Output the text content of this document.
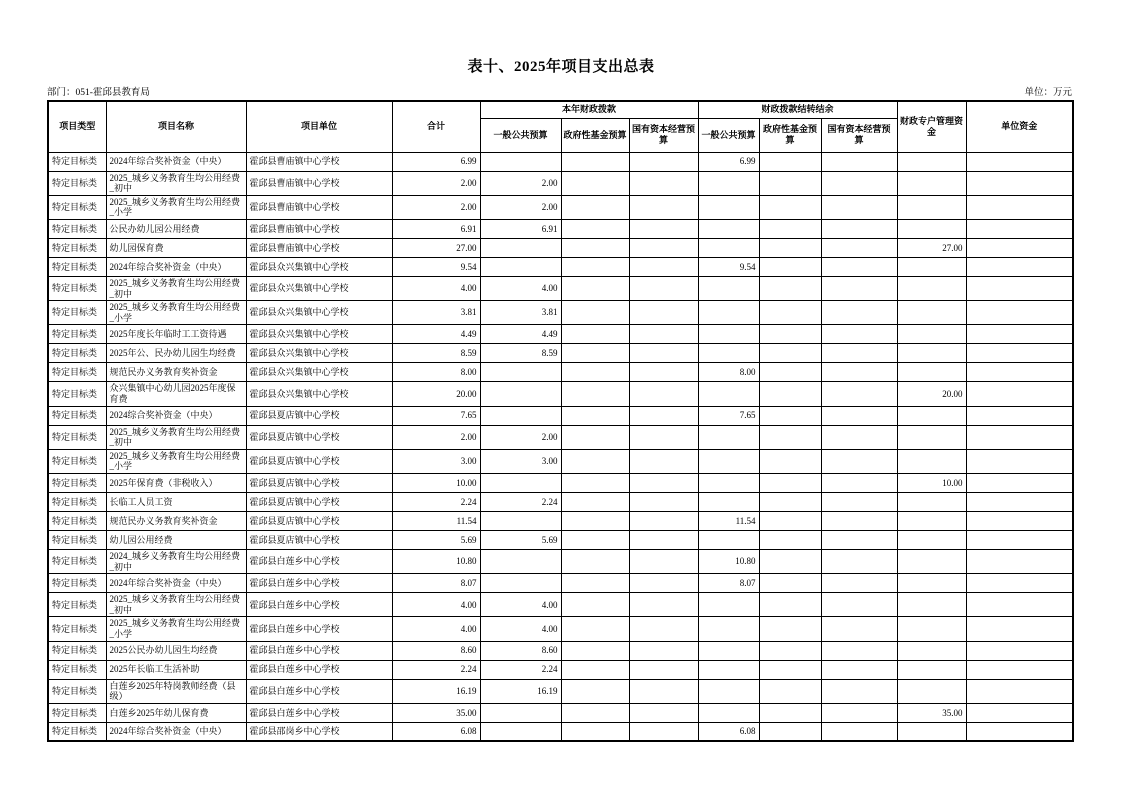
表十、2025年项目支出总表
部门：051-霍邱县教育局	单位：万元
项目类型	项目名称	项目单位	合计	本年财政拨款			财政拨款结转结余			财政专户管理资金	单位资金
				一般公共预算	政府性基金预算	国有资本经营预算	一般公共预算	政府性基金预算	国有资本经营预算		
特定目标类	2024年综合奖补资金（中央）	霍邱县曹庙镇中心学校	6.99				6.99				
特定目标类	2025_城乡义务教育生均公用经费_初中	霍邱县曹庙镇中心学校	2.00	2.00							
特定目标类	2025_城乡义务教育生均公用经费_小学	霍邱县曹庙镇中心学校	2.00	2.00							
特定目标类	公民办幼儿园公用经费	霍邱县曹庙镇中心学校	6.91	6.91							
特定目标类	幼儿园保育费	霍邱县曹庙镇中心学校	27.00							27.00	
特定目标类	2024年综合奖补资金（中央）	霍邱县众兴集镇中心学校	9.54				9.54				
特定目标类	2025_城乡义务教育生均公用经费_初中	霍邱县众兴集镇中心学校	4.00	4.00							
特定目标类	2025_城乡义务教育生均公用经费_小学	霍邱县众兴集镇中心学校	3.81	3.81							
特定目标类	2025年度长年临时工工资待遇	霍邱县众兴集镇中心学校	4.49	4.49							
特定目标类	2025年公、民办幼儿园生均经费	霍邱县众兴集镇中心学校	8.59	8.59							
特定目标类	规范民办义务教育奖补资金	霍邱县众兴集镇中心学校	8.00				8.00				
特定目标类	众兴集镇中心幼儿园2025年度保育费	霍邱县众兴集镇中心学校	20.00							20.00	
特定目标类	2024综合奖补资金（中央）	霍邱县夏店镇中心学校	7.65				7.65				
特定目标类	2025_城乡义务教育生均公用经费_初中	霍邱县夏店镇中心学校	2.00	2.00							
特定目标类	2025_城乡义务教育生均公用经费_小学	霍邱县夏店镇中心学校	3.00	3.00							
特定目标类	2025年保育费（非税收入）	霍邱县夏店镇中心学校	10.00							10.00	
特定目标类	长临工人员工资	霍邱县夏店镇中心学校	2.24	2.24							
特定目标类	规范民办义务教育奖补资金	霍邱县夏店镇中心学校	11.54				11.54				
特定目标类	幼儿园公用经费	霍邱县夏店镇中心学校	5.69	5.69							
特定目标类	2024_城乡义务教育生均公用经费_初中	霍邱县白莲乡中心学校	10.80				10.80				
特定目标类	2024年综合奖补资金（中央）	霍邱县白莲乡中心学校	8.07				8.07				
特定目标类	2025_城乡义务教育生均公用经费_初中	霍邱县白莲乡中心学校	4.00	4.00							
特定目标类	2025_城乡义务教育生均公用经费_小学	霍邱县白莲乡中心学校	4.00	4.00							
特定目标类	2025公民办幼儿园生均经费	霍邱县白莲乡中心学校	8.60	8.60							
特定目标类	2025年长临工生活补助	霍邱县白莲乡中心学校	2.24	2.24							
特定目标类	白莲乡2025年特岗教师经费（县级）	霍邱县白莲乡中心学校	16.19	16.19							
特定目标类	白莲乡2025年幼儿保育费	霍邱县白莲乡中心学校	35.00							35.00	
特定目标类	2024年综合奖补资金（中央）	霍邱县邵岗乡中心学校	6.08				6.08				
